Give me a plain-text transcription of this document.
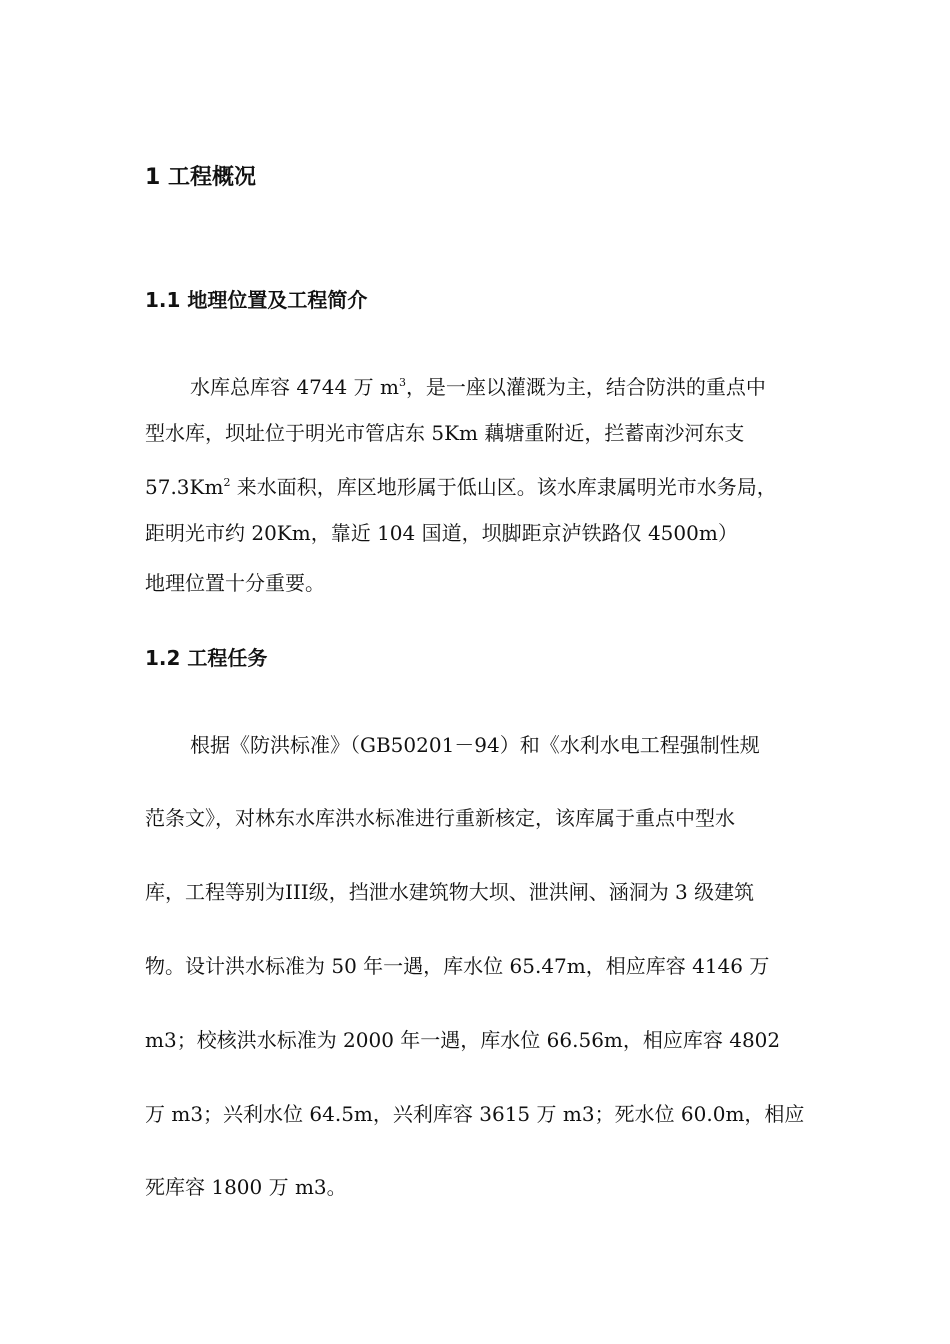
1 工程概况
1.1 地理位置及工程简介

水库总库容 4744 万 $m^3$，是一座以灌溉为主，结合防洪的重点中

型水库，坝址位于明光市管店东 5Km 藕塘重附近，拦蓄南沙河东支

57.3Km$^2$ 来水面积，库区地形属于低山区。该水库隶属明光市水务局，

距明光市约 20Km，靠近 104 国道，坝脚距京泸铁路仅 4500m）

地理位置十分重要。

1.2 工程任务

根据《防洪标准》（GB50201－94）和《水利水电工程强制性规

范条文》，对林东水库洪水标准进行重新核定，该库属于重点中型水

库，工程等别为III级，挡泄水建筑物大坝、泄洪闸、涵洞为 3 级建筑

物。设计洪水标准为 50 年一遇，库水位 65.47m，相应库容 4146 万

m3；校核洪水标准为 2000 年一遇，库水位 66.56m，相应库容 4802

万 m3；兴利水位 64.5m，兴利库容 3615 万 m3；死水位 60.0m，相应

死库容 1800 万 m3。
